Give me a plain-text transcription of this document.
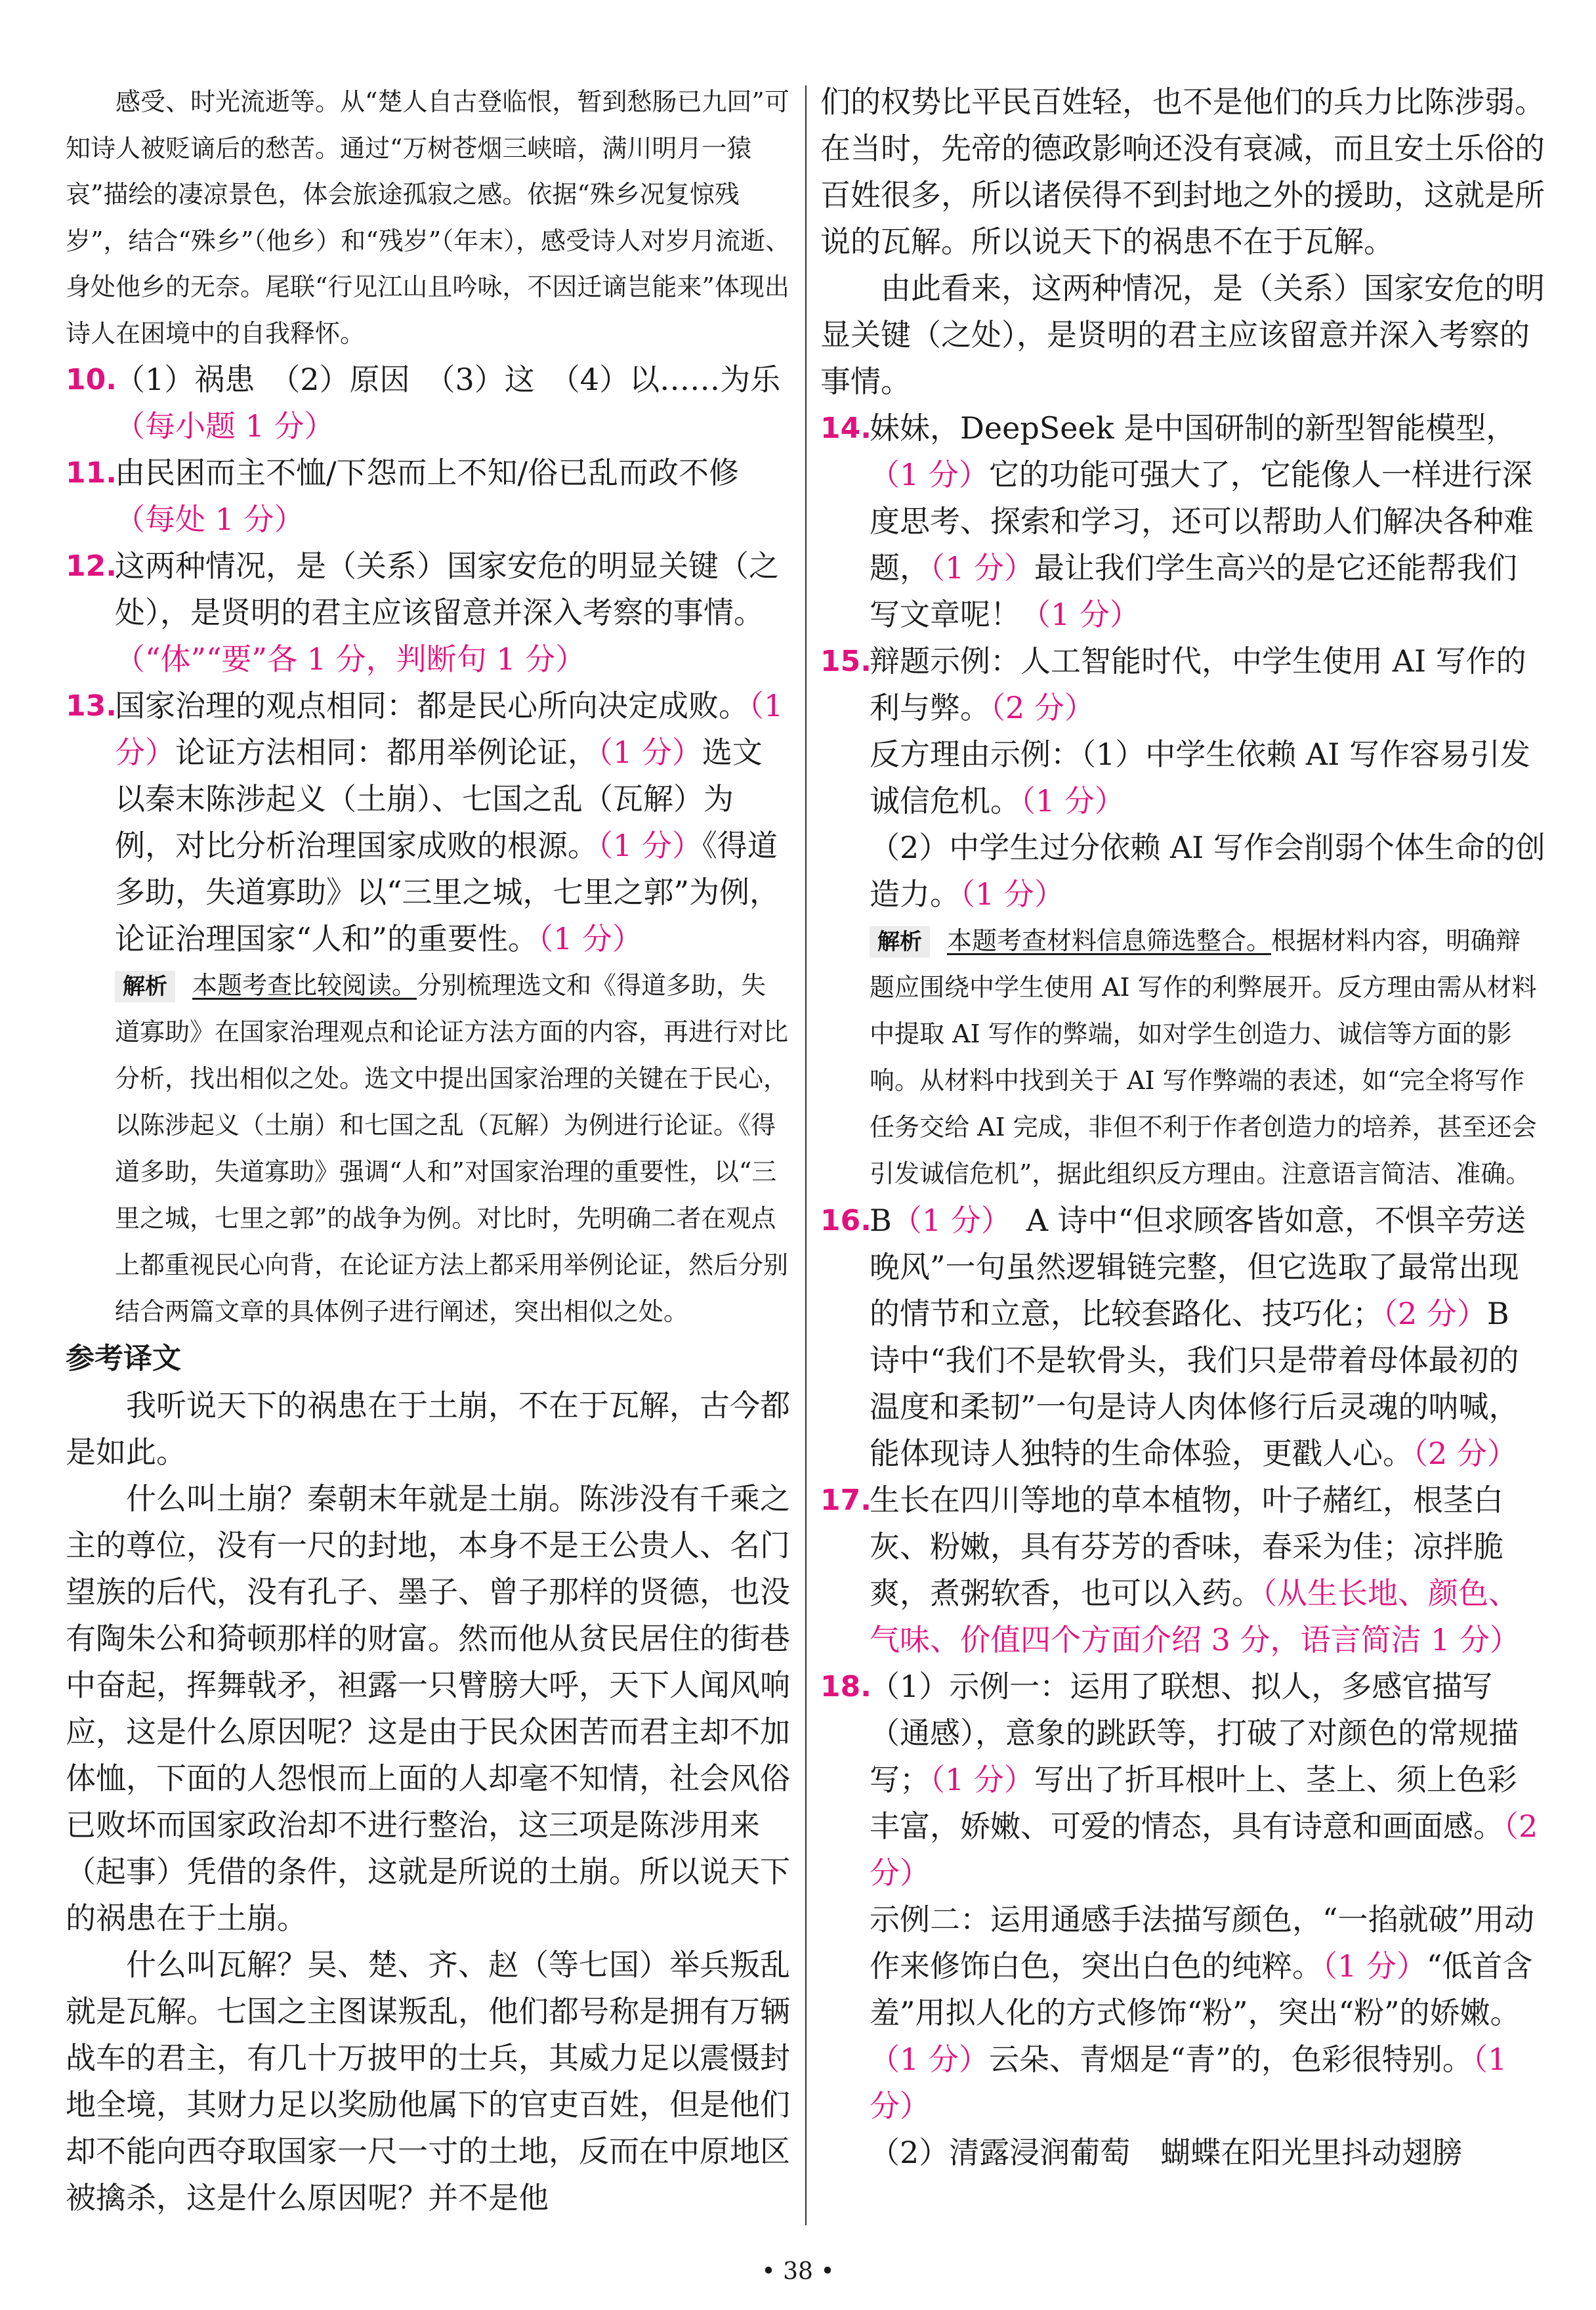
感受、时光流逝等。从“楚人自古登临恨，暂到愁肠已九回”可知诗人被贬谪后的愁苦。通过“万树苍烟三峡暗，满川明月一猿哀”描绘的凄凉景色，体会旅途孤寂之感。依据“殊乡况复惊残岁”，结合“殊乡”（他乡）和“残岁”（年末），感受诗人对岁月流逝、身处他乡的无奈。尾联“行见江山且吟咏，不因迁谪岂能来”体现出诗人在困境中的自我释怀。

10.
（1）祸患　（2）原因　（3）这　（4）以……为乐（每小题 1 分）
11.
由民困而主不恤/下怨而上不知/俗已乱而政不修（每处 1 分）
12.
这两种情况，是（关系）国家安危的明显关键（之处），是贤明的君主应该留意并深入考察的事情。（“体”“要”各 1 分，判断句 1 分）
13.
国家治理的观点相同：都是民心所向决定成败。（1 分）论证方法相同：都用举例论证，（1 分）选文以秦末陈涉起义（土崩）、七国之乱（瓦解）为例，对比分析治理国家成败的根源。（1 分）《得道多助，失道寡助》以“三里之城，七里之郭”为例，论证治理国家“人和”的重要性。（1 分）
解析 本题考查比较阅读。分别梳理选文和《得道多助，失道寡助》在国家治理观点和论证方法方面的内容，再进行对比分析，找出相似之处。选文中提出国家治理的关键在于民心，以陈涉起义（土崩）和七国之乱（瓦解）为例进行论证。《得道多助，失道寡助》强调“人和”对国家治理的重要性，以“三里之城，七里之郭”的战争为例。对比时，先明确二者在观点上都重视民心向背，在论证方法上都采用举例论证，然后分别结合两篇文章的具体例子进行阐述，突出相似之处。
参考译文

我听说天下的祸患在于土崩，不在于瓦解，古今都是如此。

什么叫土崩？秦朝末年就是土崩。陈涉没有千乘之主的尊位，没有一尺的封地，本身不是王公贵人、名门望族的后代，没有孔子、墨子、曾子那样的贤德，也没有陶朱公和猗顿那样的财富。然而他从贫民居住的街巷中奋起，挥舞戟矛，袒露一只臂膀大呼，天下人闻风响应，这是什么原因呢？这是由于民众困苦而君主却不加体恤，下面的人怨恨而上面的人却毫不知情，社会风俗已败坏而国家政治却不进行整治，这三项是陈涉用来（起事）凭借的条件，这就是所说的土崩。所以说天下的祸患在于土崩。

什么叫瓦解？吴、楚、齐、赵（等七国）举兵叛乱就是瓦解。七国之主图谋叛乱，他们都号称是拥有万辆战车的君主，有几十万披甲的士兵，其威力足以震慑封地全境，其财力足以奖励他属下的官吏百姓，但是他们却不能向西夺取国家一尺一寸的土地，反而在中原地区被擒杀，这是什么原因呢？并不是他

们的权势比平民百姓轻，也不是他们的兵力比陈涉弱。在当时，先帝的德政影响还没有衰减，而且安土乐俗的百姓很多，所以诸侯得不到封地之外的援助，这就是所说的瓦解。所以说天下的祸患不在于瓦解。

由此看来，这两种情况，是（关系）国家安危的明显关键（之处），是贤明的君主应该留意并深入考察的事情。

14.
妹妹，DeepSeek 是中国研制的新型智能模型，（1 分）它的功能可强大了，它能像人一样进行深度思考、探索和学习，还可以帮助人们解决各种难题，（1 分）最让我们学生高兴的是它还能帮我们写文章呢！（1 分）
15.
辩题示例：人工智能时代，中学生使用 AI 写作的利与弊。（2 分）
反方理由示例：（1）中学生依赖 AI 写作容易引发诚信危机。（1 分）
（2）中学生过分依赖 AI 写作会削弱个体生命的创造力。（1 分）
解析 本题考查材料信息筛选整合。根据材料内容，明确辩题应围绕中学生使用 AI 写作的利弊展开。反方理由需从材料中提取 AI 写作的弊端，如对学生创造力、诚信等方面的影响。从材料中找到关于 AI 写作弊端的表述，如“完全将写作任务交给 AI 完成，非但不利于作者创造力的培养，甚至还会引发诚信危机”，据此组织反方理由。注意语言简洁、准确。
16.
B（1 分）　A 诗中“但求顾客皆如意，不惧辛劳送晚风”一句虽然逻辑链完整，但它选取了最常出现的情节和立意，比较套路化、技巧化；（2 分）B 诗中“我们不是软骨头，我们只是带着母体最初的温度和柔韧”一句是诗人肉体修行后灵魂的呐喊，能体现诗人独特的生命体验，更戳人心。（2 分）
17.
生长在四川等地的草本植物，叶子赭红，根茎白灰、粉嫩，具有芬芳的香味，春采为佳；凉拌脆爽，煮粥软香，也可以入药。（从生长地、颜色、气味、价值四个方面介绍 3 分，语言简洁 1 分）
18.
（1）示例一：运用了联想、拟人，多感官描写（通感），意象的跳跃等，打破了对颜色的常规描写；（1 分）写出了折耳根叶上、茎上、须上色彩丰富，娇嫩、可爱的情态，具有诗意和画面感。（2 分）
示例二：运用通感手法描写颜色，“一掐就破”用动作来修饰白色，突出白色的纯粹。（1 分）“低首含羞”用拟人化的方式修饰“粉”，突出“粉”的娇嫩。（1 分）云朵、青烟是“青”的，色彩很特别。（1 分）
（2）清露浸润葡萄　蝴蝶在阳光里抖动翅膀
• 38 •
